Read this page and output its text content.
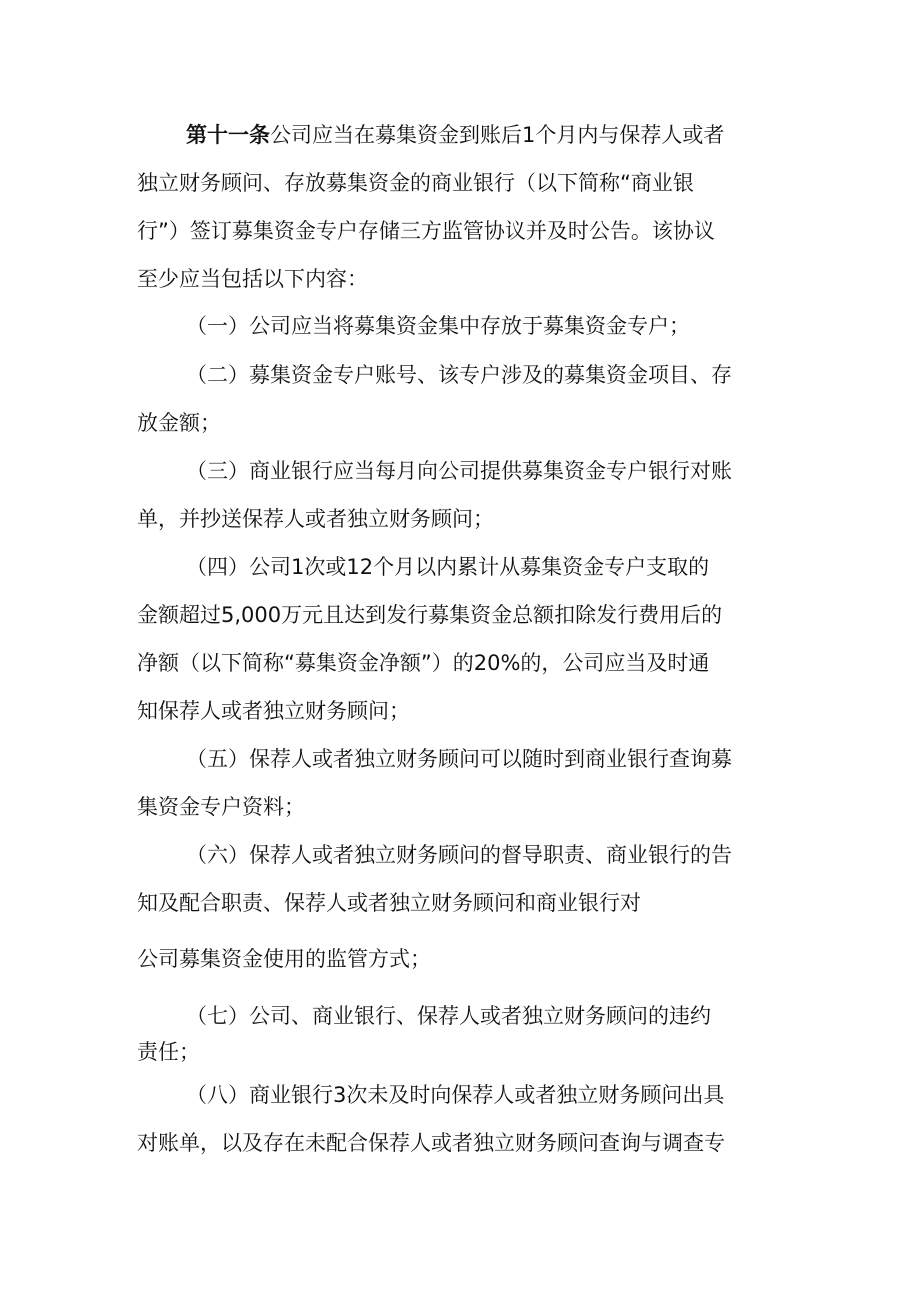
第十一条公司应当在募集资金到账后1个月内与保荐人或者
独立财务顾问、存放募集资金的商业银行（以下简称“商业银
行”）签订募集资金专户存储三方监管协议并及时公告。该协议
至少应当包括以下内容：
（一）公司应当将募集资金集中存放于募集资金专户；
（二）募集资金专户账号、该专户涉及的募集资金项目、存
放金额；
（三）商业银行应当每月向公司提供募集资金专户银行对账
单，并抄送保荐人或者独立财务顾问；
（四）公司1次或12个月以内累计从募集资金专户支取的
金额超过5,000万元且达到发行募集资金总额扣除发行费用后的
净额（以下简称“募集资金净额”）的20%的，公司应当及时通
知保荐人或者独立财务顾问；
（五）保荐人或者独立财务顾问可以随时到商业银行查询募
集资金专户资料；
（六）保荐人或者独立财务顾问的督导职责、商业银行的告
知及配合职责、保荐人或者独立财务顾问和商业银行对
公司募集资金使用的监管方式；
（七）公司、商业银行、保荐人或者独立财务顾问的违约
责任；
（八）商业银行3次未及时向保荐人或者独立财务顾问出具
对账单，以及存在未配合保荐人或者独立财务顾问查询与调查专
